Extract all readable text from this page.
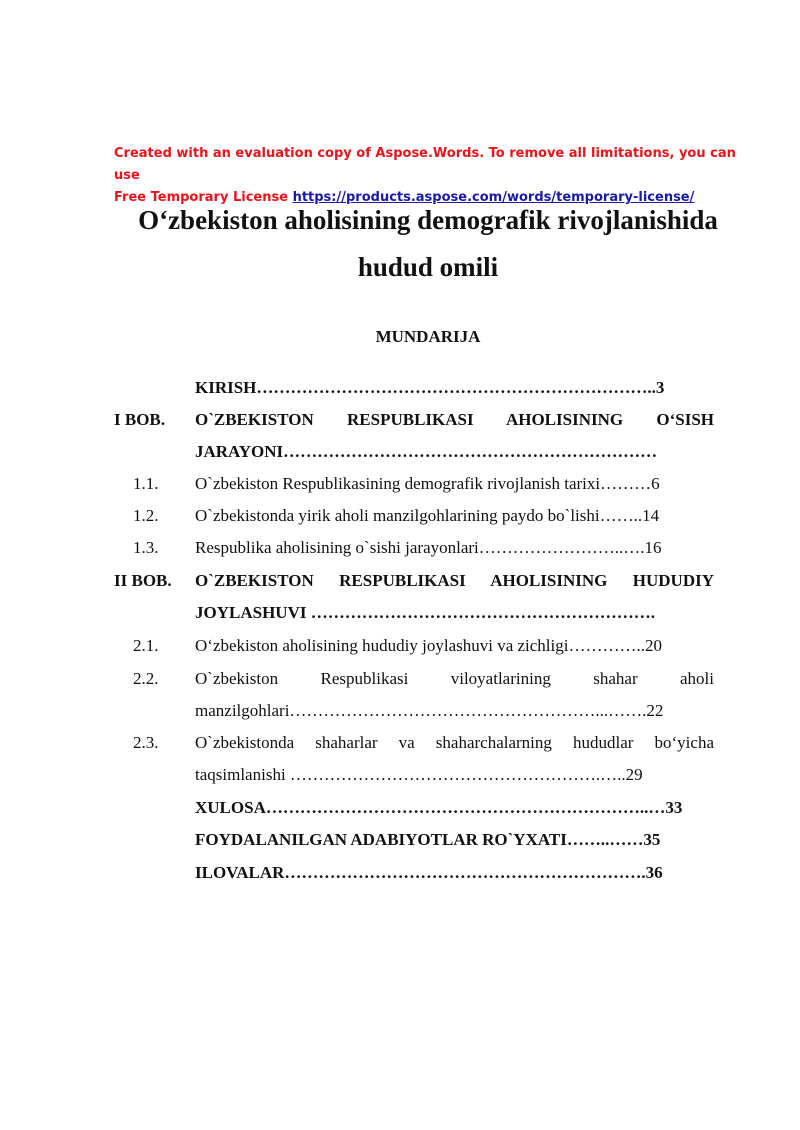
Created with an evaluation copy of Aspose.Words. To remove all limitations, you can use
Free Temporary License https://products.aspose.com/words/temporary-license/
O‘zbekiston aholisining demografik rivojlanishida
hudud omili
MUNDARIJA
KIRISH……………………………………………………………..3
I BOB. O`ZBEKISTON RESPUBLIKASI AHOLISINING O‘SISH
JARAYONI…………………………………………………………
1.1. O`zbekiston Respublikasining demografik rivojlanish tarixi………6
1.2. O`zbekistonda yirik aholi manzilgohlarining paydo bo`lishi……..14
1.3. Respublika aholisining o`sishi jarayonlari……………………..….16
II BOB. O`ZBEKISTON RESPUBLIKASI AHOLISINING HUDUDIY
JOYLASHUVI …………………………………………………….
2.1. O‘zbekiston aholisining hududiy joylashuvi va zichligi…………..20
2.2. O`zbekiston Respublikasi viloyatlarining shahar aholi
manzilgohlari………………………………………………...…….22
2.3. O`zbekistonda shaharlar va shaharchalarning hududlar bo‘yicha
taqsimlanishi ……………………………………………….…..29
XULOSA…………………………………………………………..…33
FOYDALANILGAN ADABIYOTLAR RO`YXATI……..……35
ILOVALAR……………………………………………………….36
